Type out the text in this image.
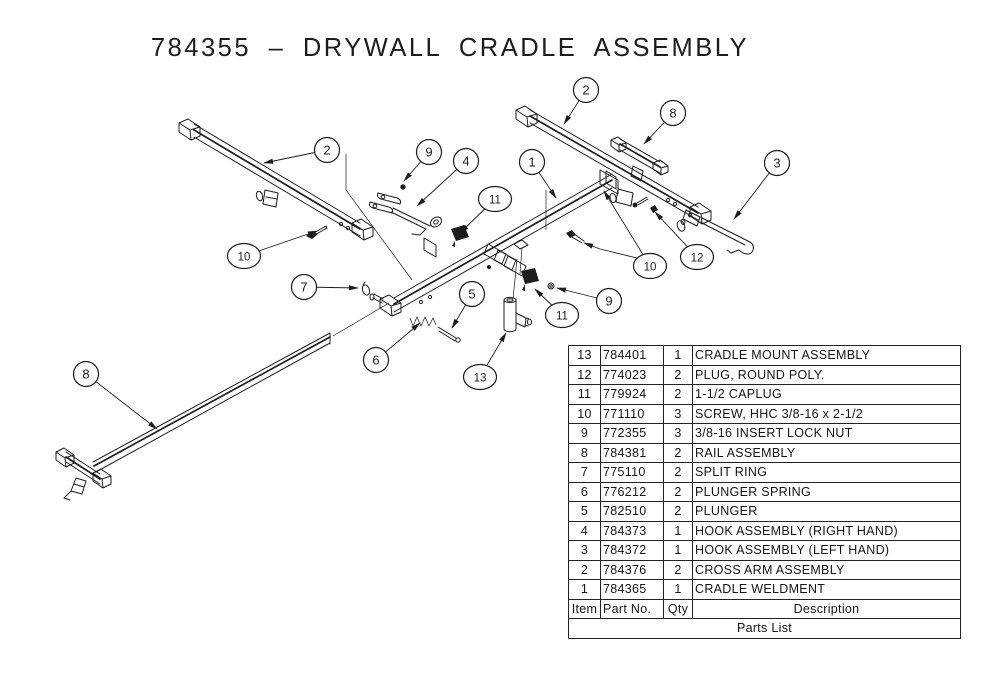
784355 – DRYWALL CRADLE ASSEMBLY
2	9
4	1
2
8
3
11
10
10
12
7
9
11
5
6
13
8
13	784401	1	CRADLE MOUNT ASSEMBLY
12	774023	2	PLUG, ROUND POLY.
11	779924	2	1-1/2 CAPLUG
10	771110	3	SCREW, HHC 3/8-16 x 2-1/2
9	772355	3	3/8-16 INSERT LOCK NUT
8	784381	2	RAIL ASSEMBLY
7	775110	2	SPLIT RING
6	776212	2	PLUNGER SPRING
5	782510	2	PLUNGER
4	784373	1	HOOK ASSEMBLY (RIGHT HAND)
3	784372	1	HOOK ASSEMBLY (LEFT HAND)
2	784376	2	CROSS ARM ASSEMBLY
1	784365	1	CRADLE WELDMENT
Item	Part No.	Qty	Description
Parts List			
